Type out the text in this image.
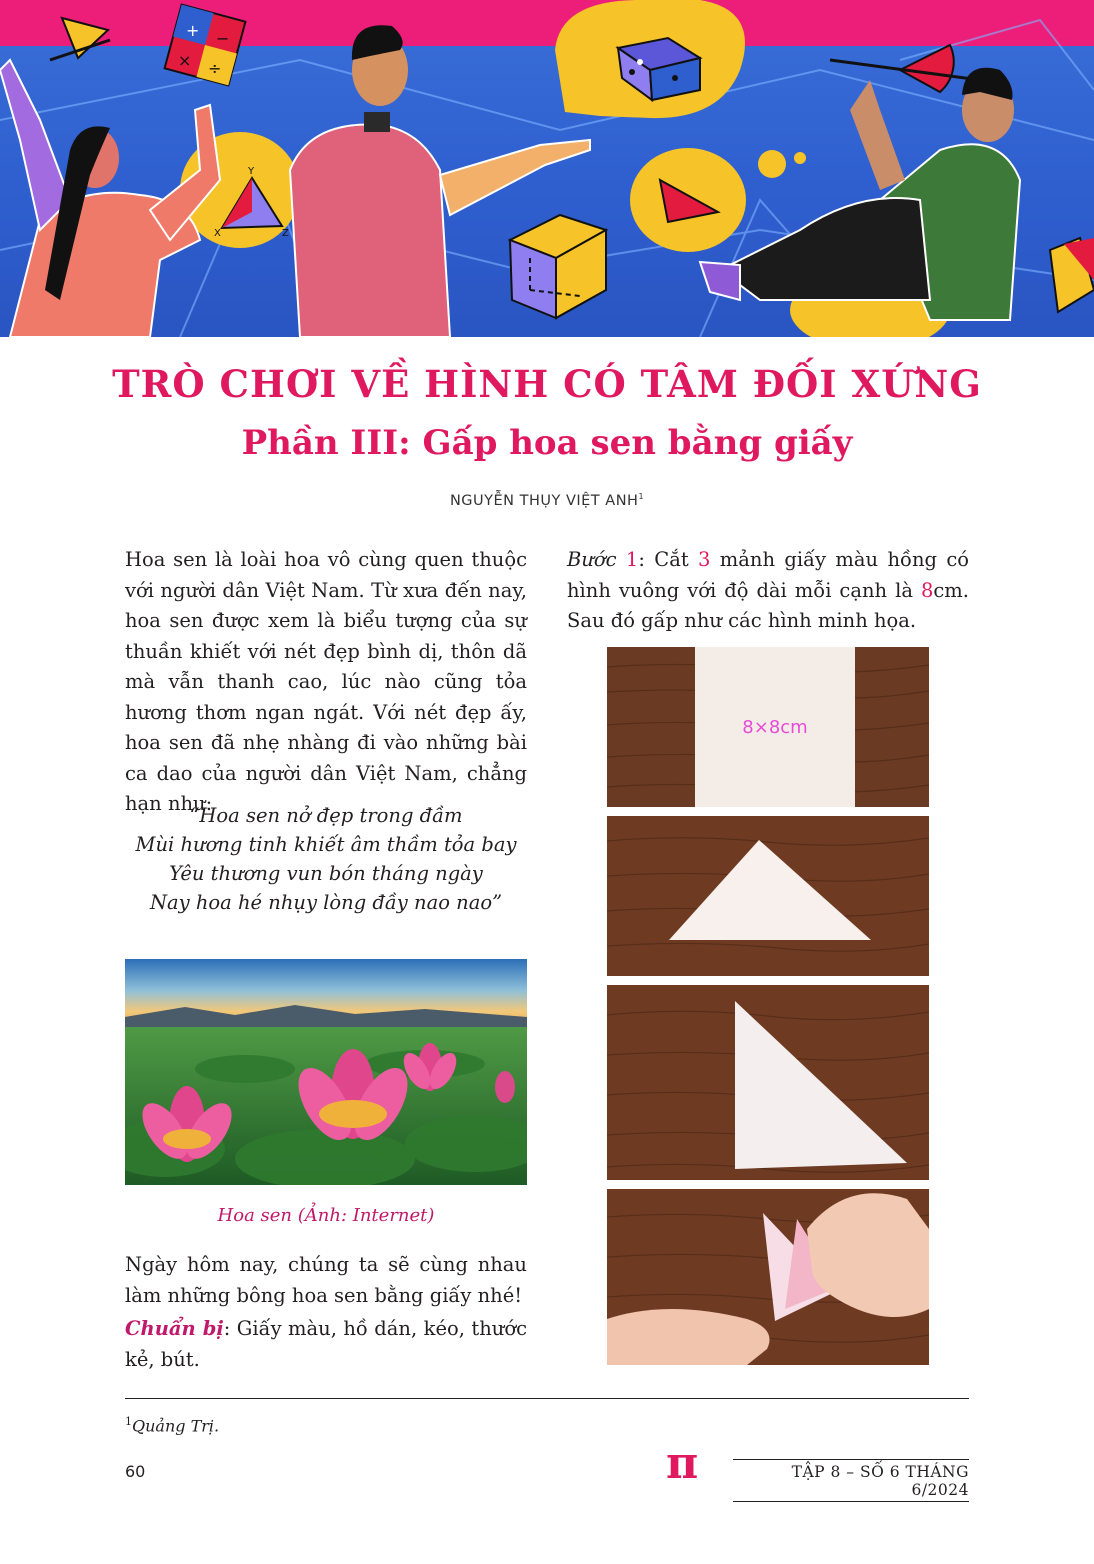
+ −
× ÷
Y
X	Z
TRÒ CHƠI VỀ HÌNH CÓ TÂM ĐỐI XỨNG
Phần III: Gấp hoa sen bằng giấy
NGUYỄN THỤY VIỆT ANH$^1$

Hoa sen là loài hoa vô cùng quen thuộc với người dân Việt Nam. Từ xưa đến nay, hoa sen được xem là biểu tượng của sự thuần khiết với nét đẹp bình dị, thôn dã mà vẫn thanh cao, lúc nào cũng tỏa hương thơm ngan ngát. Với nét đẹp ấy, hoa sen đã nhẹ nhàng đi vào những bài ca dao của người dân Việt Nam, chẳng hạn như:

“Hoa sen nở đẹp trong đầm
Mùi hương tinh khiết âm thầm tỏa bay
Yêu thương vun bón tháng ngày
Nay hoa hé nhụy lòng đầy nao nao”
Hoa sen (Ảnh: Internet)

Ngày hôm nay, chúng ta sẽ cùng nhau làm những bông hoa sen bằng giấy nhé!

Chuẩn bị: Giấy màu, hồ dán, kéo, thước kẻ, bút.

Bước 1: Cắt 3 mảnh giấy màu hồng có hình vuông với độ dài mỗi cạnh là 8cm. Sau đó gấp như các hình minh họa.

8×8cm
$^1$Quảng Trị.
60	π	TẬP 8 – SỐ 6 THÁNG 6/2024
